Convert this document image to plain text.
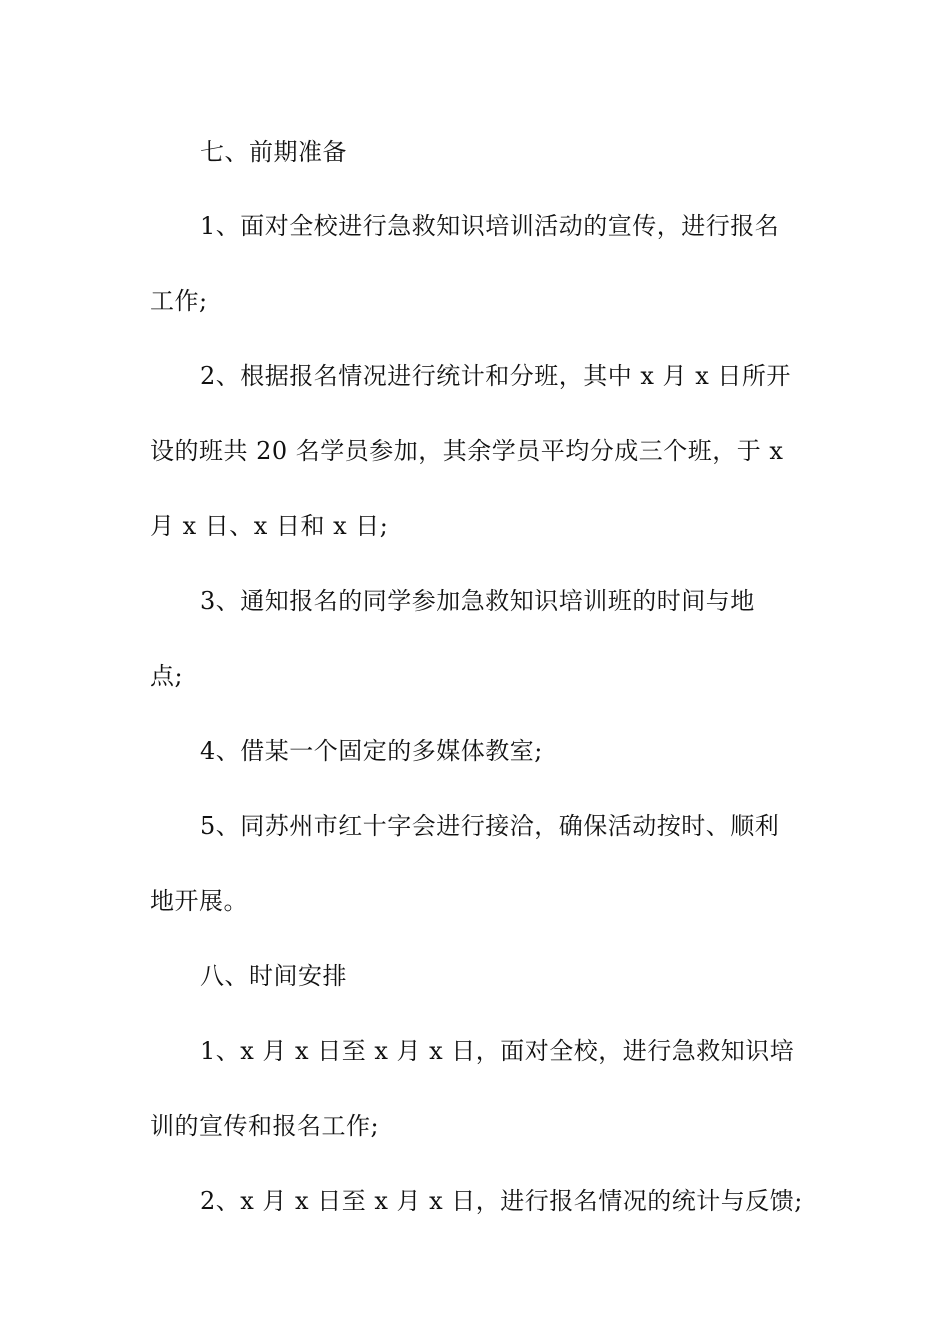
七、前期准备
1、面对全校进行急救知识培训活动的宣传，进行报名
工作;
2、根据报名情况进行统计和分班，其中 x 月 x 日所开
设的班共 20 名学员参加，其余学员平均分成三个班，于 x
月 x 日、x 日和 x 日;
3、通知报名的同学参加急救知识培训班的时间与地
点;
4、借某一个固定的多媒体教室;
5、同苏州市红十字会进行接洽，确保活动按时、顺利
地开展。
八、时间安排
1、x 月 x 日至 x 月 x 日，面对全校，进行急救知识培
训的宣传和报名工作;
2、x 月 x 日至 x 月 x 日，进行报名情况的统计与反馈;
